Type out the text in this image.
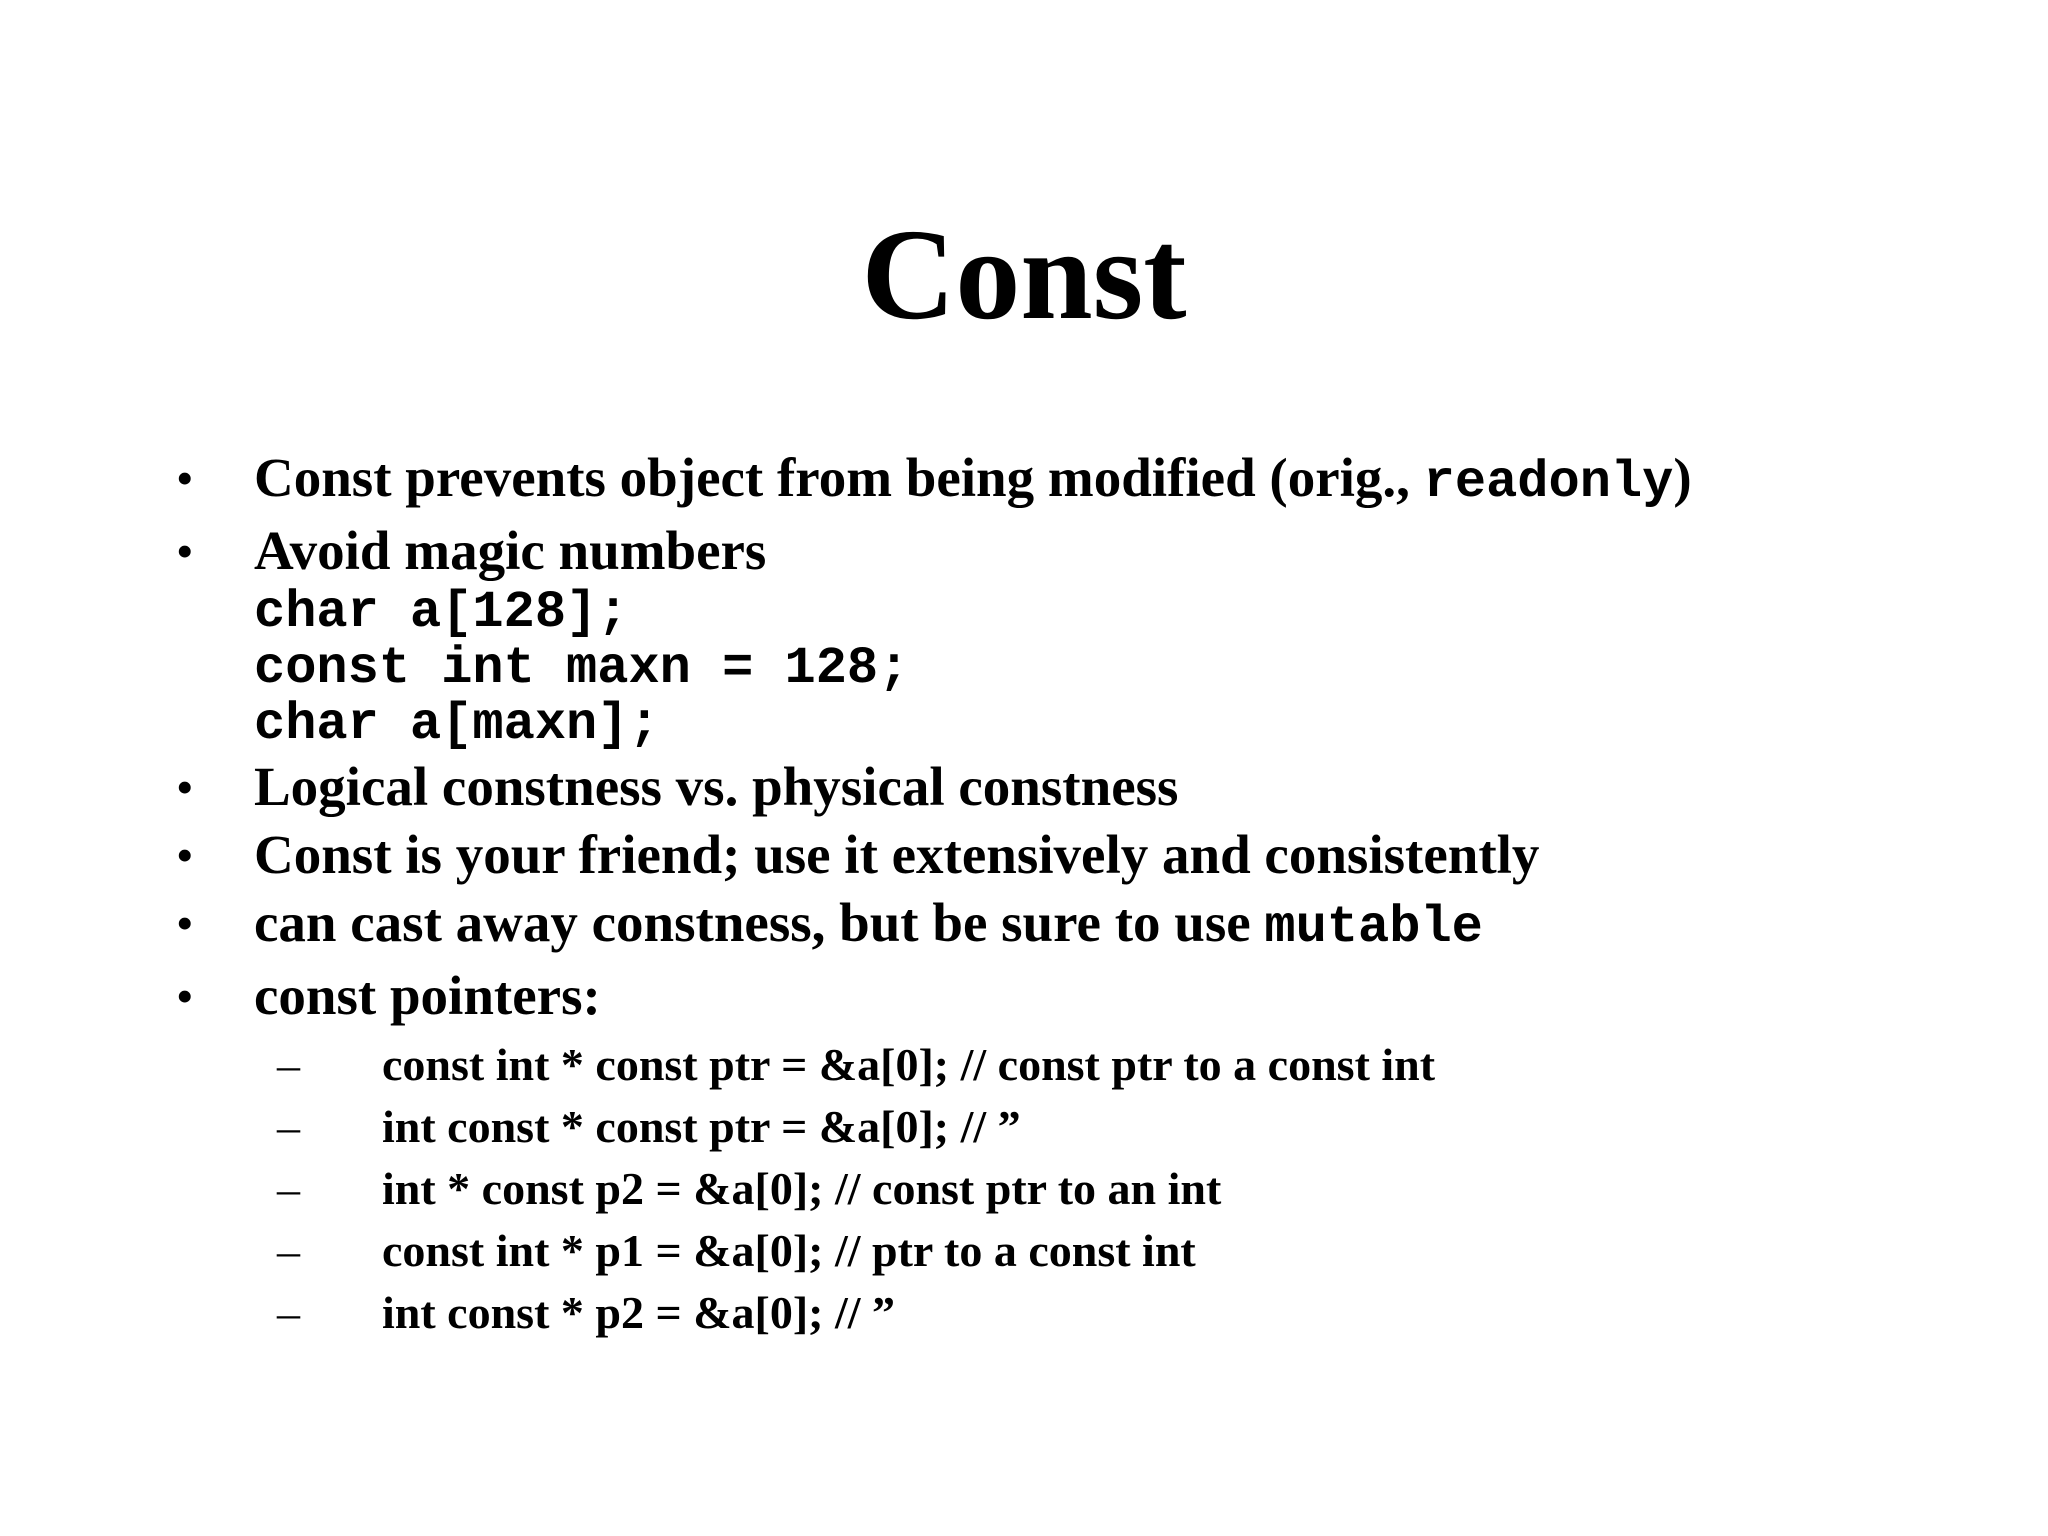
Const
• Const prevents object from being modified (orig., readonly)
• Avoid magic numbers
char a[128];
const int maxn = 128;
char a[maxn];
• Logical constness vs. physical constness
• Const is your friend; use it extensively and consistently
• can cast away constness, but be sure to use mutable
• const pointers:
– const int * const ptr = &a[0]; // const ptr to a const int
– int const * const ptr = &a[0]; // ”
– int * const p2 = &a[0]; // const ptr to an int
– const int * p1 = &a[0]; // ptr to a const int
– int const * p2 = &a[0]; // ”
